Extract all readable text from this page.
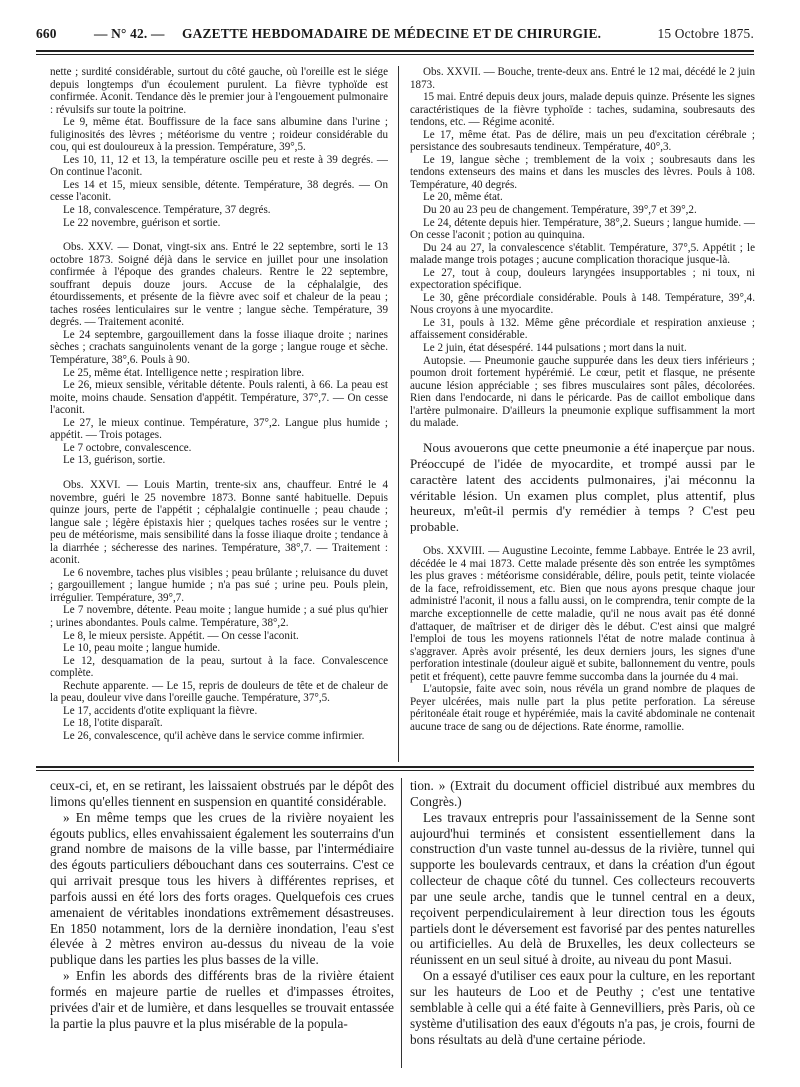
660	— N° 42. — GAZETTE HEBDOMADAIRE DE MÉDECINE ET DE CHIRURGIE.	15 Octobre 1875.

nette ; surdité considérable, surtout du côté gauche, où l'oreille est le siége depuis longtemps d'un écoulement purulent. La fièvre typhoïde est confirmée. Aconit. Tendance dès le premier jour à l'engouement pulmonaire : révulsifs sur toute la poitrine.

Le 9, même état. Bouffissure de la face sans albumine dans l'urine ; fuliginosités des lèvres ; météorisme du ventre ; roideur considérable du cou, qui est douloureux à la pression. Température, 39°,5.

Les 10, 11, 12 et 13, la température oscille peu et reste à 39 degrés. — On continue l'aconit.

Les 14 et 15, mieux sensible, détente. Température, 38 degrés. — On cesse l'aconit.

Le 18, convalescence. Température, 37 degrés.

Le 22 novembre, guérison et sortie.

Obs. XXV. — Donat, vingt-six ans. Entré le 22 septembre, sorti le 13 octobre 1873. Soigné déjà dans le service en juillet pour une insolation confirmée à l'époque des grandes chaleurs. Rentre le 22 septembre, souffrant depuis douze jours. Accuse de la céphalalgie, des étourdissements, et présente de la fièvre avec soif et chaleur de la peau ; taches rosées lenticulaires sur le ventre ; langue sèche. Température, 39 degrés. — Traitement aconité.

Le 24 septembre, gargouillement dans la fosse iliaque droite ; narines sèches ; crachats sanguinolents venant de la gorge ; langue rouge et sèche. Température, 38°,6. Pouls à 90.

Le 25, même état. Intelligence nette ; respiration libre.

Le 26, mieux sensible, véritable détente. Pouls ralenti, à 66. La peau est moite, moins chaude. Sensation d'appétit. Température, 37°,7. — On cesse l'aconit.

Le 27, le mieux continue. Température, 37°,2. Langue plus humide ; appétit. — Trois potages.

Le 7 octobre, convalescence.

Le 13, guérison, sortie.

Obs. XXVI. — Louis Martin, trente-six ans, chauffeur. Entré le 4 novembre, guéri le 25 novembre 1873. Bonne santé habituelle. Depuis quinze jours, perte de l'appétit ; céphalalgie continuelle ; peau chaude ; langue sale ; légère épistaxis hier ; quelques taches rosées sur le ventre ; peu de météorisme, mais sensibilité dans la fosse iliaque droite ; tendance à la diarrhée ; sécheresse des narines. Température, 38°,7. — Traitement : aconit.

Le 6 novembre, taches plus visibles ; peau brûlante ; reluisance du duvet ; gargouillement ; langue humide ; n'a pas sué ; urine peu. Pouls plein, irrégulier. Température, 39°,7.

Le 7 novembre, détente. Peau moite ; langue humide ; a sué plus qu'hier ; urines abondantes. Pouls calme. Température, 38°,2.

Le 8, le mieux persiste. Appétit. — On cesse l'aconit.

Le 10, peau moite ; langue humide.

Le 12, desquamation de la peau, surtout à la face. Convalescence complète.

Rechute apparente. — Le 15, repris de douleurs de tête et de chaleur de la peau, douleur vive dans l'oreille gauche. Température, 37°,5.

Le 17, accidents d'otite expliquant la fièvre.

Le 18, l'otite disparaît.

Le 26, convalescence, qu'il achève dans le service comme infirmier.

Obs. XXVII. — Bouche, trente-deux ans. Entré le 12 mai, décédé le 2 juin 1873.

15 mai. Entré depuis deux jours, malade depuis quinze. Présente les signes caractéristiques de la fièvre typhoïde : taches, sudamina, soubresauts des tendons, etc. — Régime aconité.

Le 17, même état. Pas de délire, mais un peu d'excitation cérébrale ; persistance des soubresauts tendineux. Température, 40°,3.

Le 19, langue sèche ; tremblement de la voix ; soubresauts dans les tendons extenseurs des mains et dans les muscles des lèvres. Pouls à 108. Température, 40 degrés.

Le 20, même état.

Du 20 au 23 peu de changement. Température, 39°,7 et 39°,2.

Le 24, détente depuis hier. Température, 38°,2. Sueurs ; langue humide. — On cesse l'aconit ; potion au quinquina.

Du 24 au 27, la convalescence s'établit. Température, 37°,5. Appétit ; le malade mange trois potages ; aucune complication thoracique jusque-là.

Le 27, tout à coup, douleurs laryngées insupportables ; ni toux, ni expectoration spécifique.

Le 30, gêne précordiale considérable. Pouls à 148. Température, 39°,4. Nous croyons à une myocardite.

Le 31, pouls à 132. Même gêne précordiale et respiration anxieuse ; affaissement considérable.

Le 2 juin, état désespéré. 144 pulsations ; mort dans la nuit.

Autopsie. — Pneumonie gauche suppurée dans les deux tiers inférieurs ; poumon droit fortement hypérémié. Le cœur, petit et flasque, ne présente aucune lésion appréciable ; ses fibres musculaires sont pâles, décolorées. Rien dans l'endocarde, ni dans le péricarde. Pas de caillot embolique dans l'artère pulmonaire. D'ailleurs la pneumonie explique suffisamment la mort du malade.

Nous avouerons que cette pneumonie a été inaperçue par nous. Préoccupé de l'idée de myocardite, et trompé aussi par le caractère latent des accidents pulmonaires, j'ai méconnu la véritable lésion. Un examen plus complet, plus attentif, plus heureux, m'eût-il permis d'y remédier à temps ? C'est peu probable.

Obs. XXVIII. — Augustine Lecointe, femme Labbaye. Entrée le 23 avril, décédée le 4 mai 1873. Cette malade présente dès son entrée les symptômes les plus graves : météorisme considérable, délire, pouls petit, teinte violacée de la face, refroidissement, etc. Bien que nous ayons presque chaque jour administré l'aconit, il nous a fallu aussi, on le comprendra, tenir compte de la marche exceptionnelle de cette maladie, qu'il ne nous avait pas été donné d'attaquer, de maîtriser et de diriger dès le début. C'est ainsi que malgré l'emploi de tous les moyens rationnels l'état de notre malade continua à s'aggraver. Après avoir présenté, les deux derniers jours, les signes d'une perforation intestinale (douleur aiguë et subite, ballonnement du ventre, pouls petit et fréquent), cette pauvre femme succomba dans la journée du 4 mai.

L'autopsie, faite avec soin, nous révéla un grand nombre de plaques de Peyer ulcérées, mais nulle part la plus petite perforation. La séreuse péritonéale était rouge et hypérémiée, mais la cavité abdominale ne contenait aucune trace de sang ou de déjections. Rate énorme, ramollie.

ceux-ci, et, en se retirant, les laissaient obstrués par le dépôt des limons qu'elles tiennent en suspension en quantité considérable.

» En même temps que les crues de la rivière noyaient les égouts publics, elles envahissaient également les souterrains d'un grand nombre de maisons de la ville basse, par l'intermédiaire des égouts particuliers débouchant dans ces souterrains. C'est ce qui arrivait presque tous les hivers à différentes reprises, et parfois aussi en été lors des forts orages. Quelquefois ces crues amenaient de véritables inondations extrêmement désastreuses. En 1850 notamment, lors de la dernière inondation, l'eau s'est élevée à 2 mètres environ au-dessus du niveau de la voie publique dans les parties les plus basses de la ville.

» Enfin les abords des différents bras de la rivière étaient formés en majeure partie de ruelles et d'impasses étroites, privées d'air et de lumière, et dans lesquelles se trouvait entassée la partie la plus pauvre et la plus misérable de la popula-

tion. » (Extrait du document officiel distribué aux membres du Congrès.)

Les travaux entrepris pour l'assainissement de la Senne sont aujourd'hui terminés et consistent essentiellement dans la construction d'un vaste tunnel au-dessus de la rivière, tunnel qui supporte les boulevards centraux, et dans la création d'un égout collecteur de chaque côté du tunnel. Ces collecteurs recouverts par une seule arche, tandis que le tunnel central en a deux, reçoivent perpendiculairement à leur direction tous les égouts partiels dont le déversement est favorisé par des pentes naturelles ou artificielles. Au delà de Bruxelles, les deux collecteurs se réunissent en un seul situé à droite, au niveau du pont Masui.

On a essayé d'utiliser ces eaux pour la culture, en les reportant sur les hauteurs de Loo et de Peuthy ; c'est une tentative semblable à celle qui a été faite à Gennevilliers, près Paris, où ce système d'utilisation des eaux d'égouts n'a pas, je crois, fourni de bons résultats au delà d'une certaine période.
